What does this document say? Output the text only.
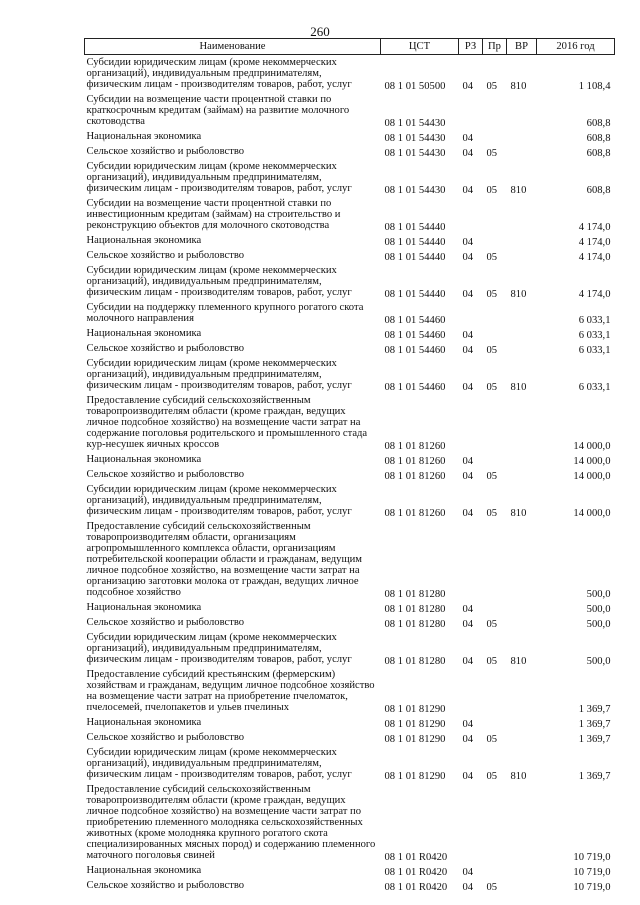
260
Наименование	ЦСТ	РЗ	Пр	ВР	2016 год
Субсидии юридическим лицам (кроме некоммерческих организаций), индивидуальным предпринимателям, физическим лицам - производителям товаров, работ, услуг	08 1 01 50500	04	05	810	1 108,4
Субсидии на возмещение части процентной ставки по краткосрочным кредитам (займам) на развитие молочного скотоводства	08 1 01 54430				608,8
Национальная экономика	08 1 01 54430	04			608,8
Сельское хозяйство и рыболовство	08 1 01 54430	04	05		608,8
Субсидии юридическим лицам (кроме некоммерческих организаций), индивидуальным предпринимателям, физическим лицам - производителям товаров, работ, услуг	08 1 01 54430	04	05	810	608,8
Субсидии на возмещение части процентной ставки по инвестиционным кредитам (займам) на строительство и реконструкцию объектов для молочного скотоводства	08 1 01 54440				4 174,0
Национальная экономика	08 1 01 54440	04			4 174,0
Сельское хозяйство и рыболовство	08 1 01 54440	04	05		4 174,0
Субсидии юридическим лицам (кроме некоммерческих организаций), индивидуальным предпринимателям, физическим лицам - производителям товаров, работ, услуг	08 1 01 54440	04	05	810	4 174,0
Субсидии на поддержку племенного крупного рогатого скота молочного направления	08 1 01 54460				6 033,1
Национальная экономика	08 1 01 54460	04			6 033,1
Сельское хозяйство и рыболовство	08 1 01 54460	04	05		6 033,1
Субсидии юридическим лицам (кроме некоммерческих организаций), индивидуальным предпринимателям, физическим лицам - производителям товаров, работ, услуг	08 1 01 54460	04	05	810	6 033,1
Предоставление субсидий сельскохозяйственным товаропроизводителям области (кроме граждан, ведущих личное подсобное хозяйство) на возмещение части затрат на содержание поголовья родительского и промышленного стада кур-несушек яичных кроссов	08 1 01 81260				14 000,0
Национальная экономика	08 1 01 81260	04			14 000,0
Сельское хозяйство и рыболовство	08 1 01 81260	04	05		14 000,0
Субсидии юридическим лицам (кроме некоммерческих организаций), индивидуальным предпринимателям, физическим лицам - производителям товаров, работ, услуг	08 1 01 81260	04	05	810	14 000,0
Предоставление субсидий сельскохозяйственным товаропроизводителям области, организациям агропромышленного комплекса области, организациям потребительской кооперации области и гражданам, ведущим личное подсобное хозяйство, на возмещение части затрат на организацию заготовки молока от граждан, ведущих личное подсобное хозяйство	08 1 01 81280				500,0
Национальная экономика	08 1 01 81280	04			500,0
Сельское хозяйство и рыболовство	08 1 01 81280	04	05		500,0
Субсидии юридическим лицам (кроме некоммерческих организаций), индивидуальным предпринимателям, физическим лицам - производителям товаров, работ, услуг	08 1 01 81280	04	05	810	500,0
Предоставление субсидий крестьянским (фермерским) хозяйствам и гражданам, ведущим личное подсобное хозяйство на возмещение части затрат на приобретение пчеломаток, пчелосемей, пчелопакетов и ульев пчелиных	08 1 01 81290				1 369,7
Национальная экономика	08 1 01 81290	04			1 369,7
Сельское хозяйство и рыболовство	08 1 01 81290	04	05		1 369,7
Субсидии юридическим лицам (кроме некоммерческих организаций), индивидуальным предпринимателям, физическим лицам - производителям товаров, работ, услуг	08 1 01 81290	04	05	810	1 369,7
Предоставление субсидий сельскохозяйственным товаропроизводителям области (кроме граждан, ведущих личное подсобное хозяйство) на возмещение части затрат по приобретению племенного молодняка сельскохозяйственных животных (кроме молодняка крупного рогатого скота специализированных мясных пород) и содержанию племенного маточного поголовья свиней	08 1 01 R0420				10 719,0
Национальная экономика	08 1 01 R0420	04			10 719,0
Сельское хозяйство и рыболовство	08 1 01 R0420	04	05		10 719,0
